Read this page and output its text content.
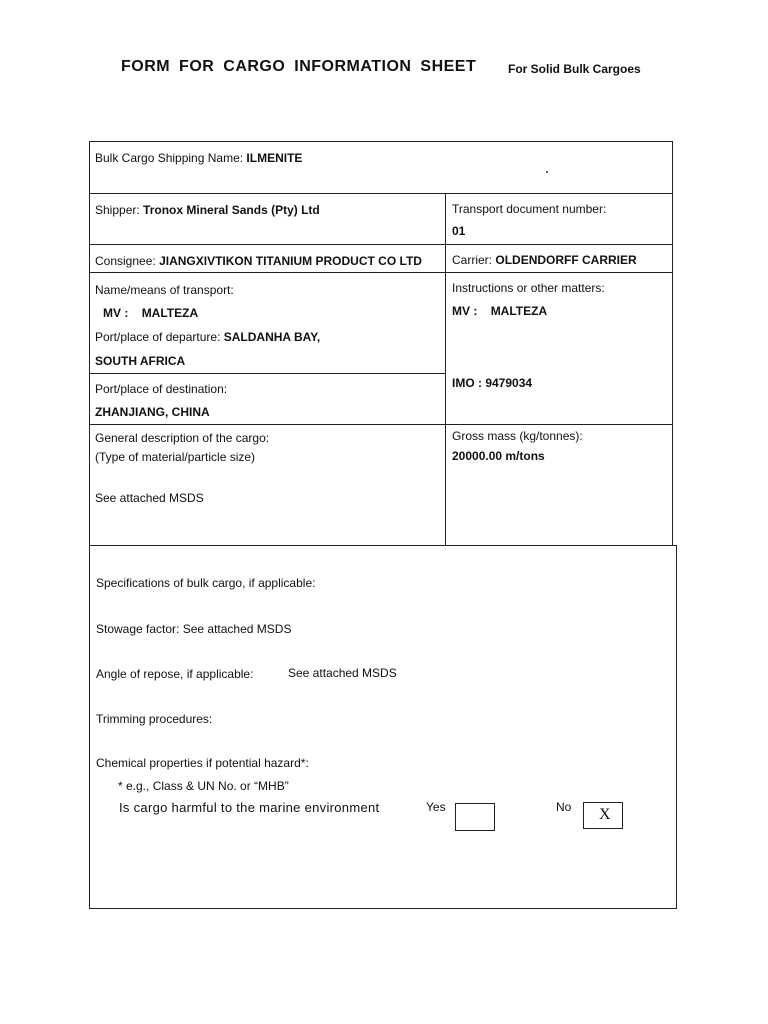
FORM FOR CARGO INFORMATION SHEET	For Solid Bulk Cargoes
Bulk Cargo Shipping Name: ILMENITE
Shipper: Tronox Mineral Sands (Pty) Ltd	Transport document number:
01
Consignee: JIANGXIVTIKON TITANIUM PRODUCT CO LTD	Carrier: OLDENDORFF CARRIER
Name/means of transport:
MV : MALTEZA
Port/place of departure: SALDANHA BAY,
SOUTH AFRICA
Instructions or other matters:
MV : MALTEZA
IMO : 9479034
Port/place of destination:
ZHANJIANG, CHINA
General description of the cargo:
(Type of material/particle size)
See attached MSDS
Gross mass (kg/tonnes):
20000.00 m/tons
Specifications of bulk cargo, if applicable:
Stowage factor: See attached MSDS
Angle of repose, if applicable:	See attached MSDS
Trimming procedures:
Chemical properties if potential hazard*:
* e.g., Class & UN No. or “MHB”
Is cargo harmful to the marine environment	Yes	No X
